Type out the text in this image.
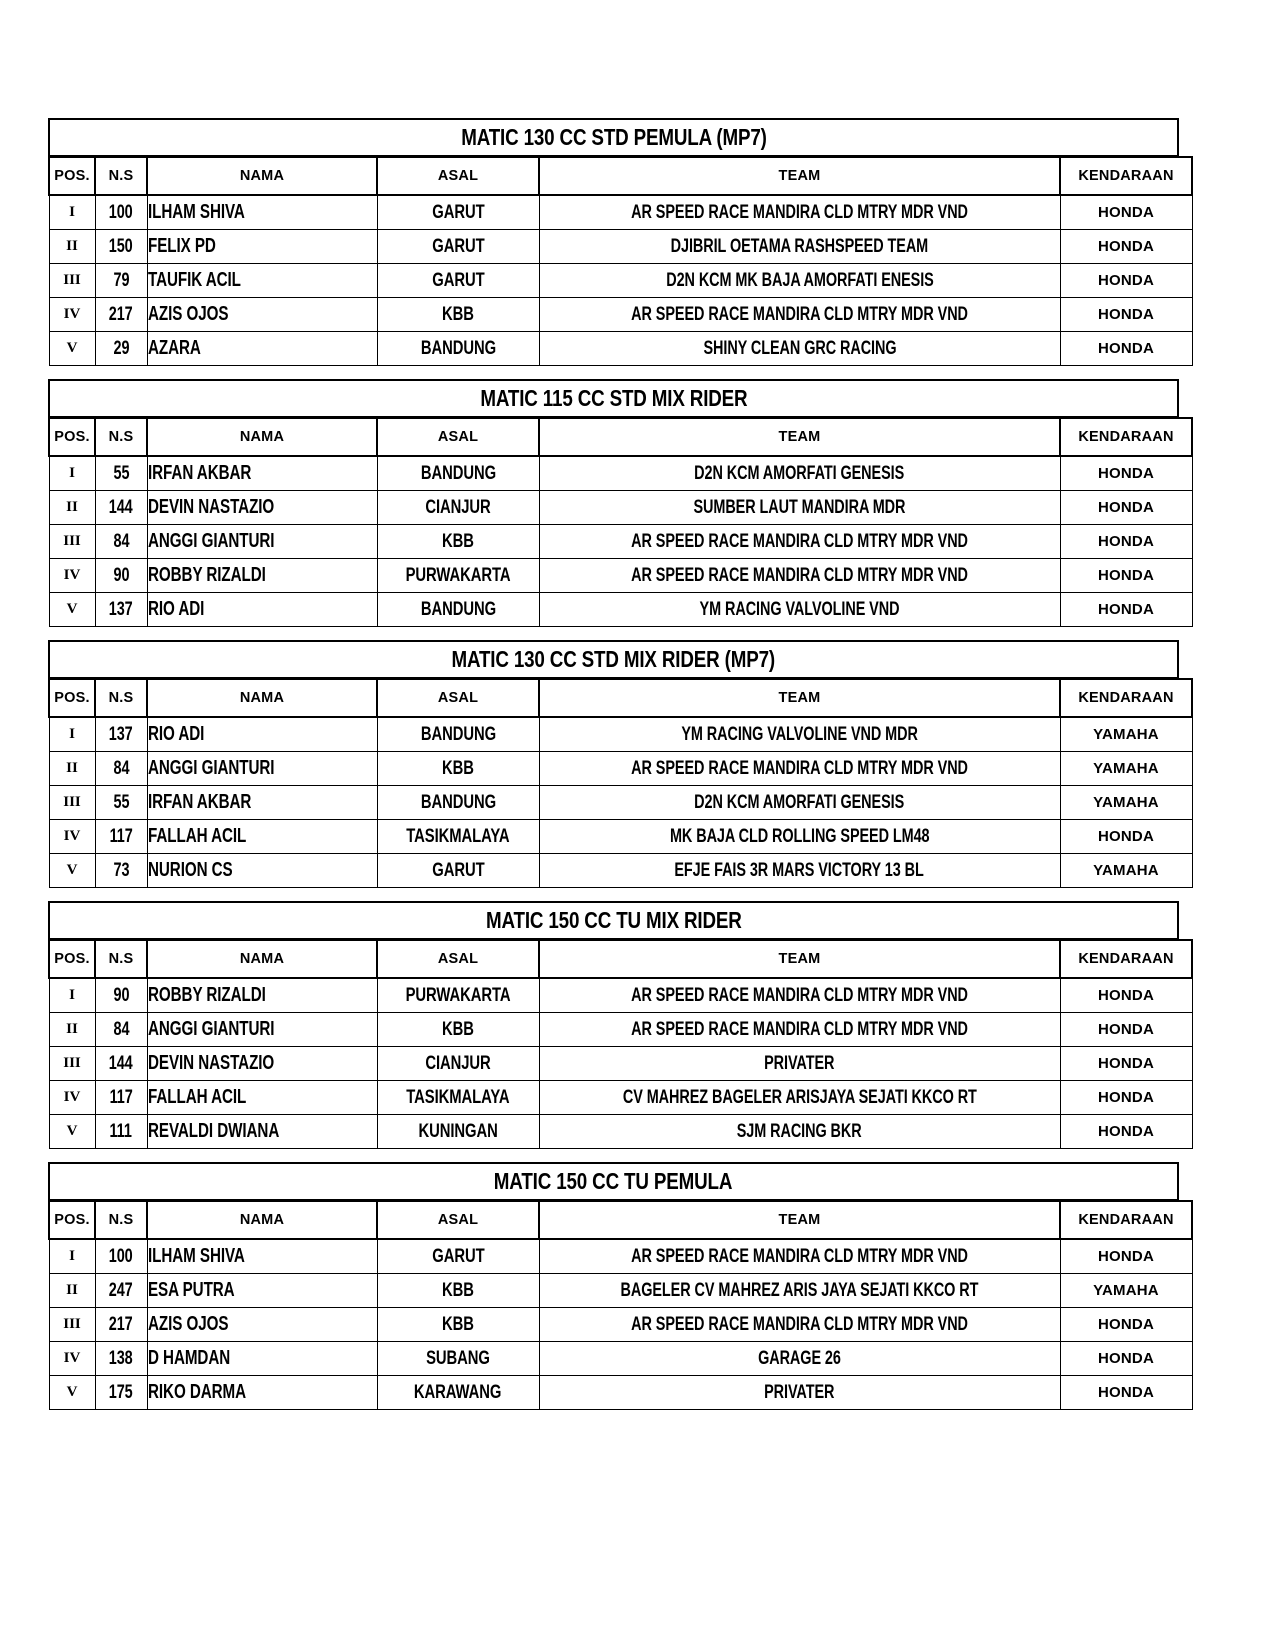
MATIC 130 CC STD PEMULA (MP7)
POS.	N.S	NAMA	ASAL	TEAM	KENDARAAN
I	100	ILHAM SHIVA	GARUT	AR SPEED RACE MANDIRA CLD MTRY MDR VND	HONDA
II	150	FELIX PD	GARUT	DJIBRIL OETAMA RASHSPEED TEAM	HONDA
III	79	TAUFIK ACIL	GARUT	D2N KCM MK BAJA AMORFATI ENESIS	HONDA
IV	217	AZIS OJOS	KBB	AR SPEED RACE MANDIRA CLD MTRY MDR VND	HONDA
V	29	AZARA	BANDUNG	SHINY CLEAN GRC RACING	HONDA
MATIC 115 CC STD MIX RIDER
POS.	N.S	NAMA	ASAL	TEAM	KENDARAAN
I	55	IRFAN AKBAR	BANDUNG	D2N KCM AMORFATI GENESIS	HONDA
II	144	DEVIN NASTAZIO	CIANJUR	SUMBER LAUT MANDIRA MDR	HONDA
III	84	ANGGI GIANTURI	KBB	AR SPEED RACE MANDIRA CLD MTRY MDR VND	HONDA
IV	90	ROBBY RIZALDI	PURWAKARTA	AR SPEED RACE MANDIRA CLD MTRY MDR VND	HONDA
V	137	RIO ADI	BANDUNG	YM RACING VALVOLINE VND	HONDA
MATIC 130 CC STD MIX RIDER (MP7)
POS.	N.S	NAMA	ASAL	TEAM	KENDARAAN
I	137	RIO ADI	BANDUNG	YM RACING VALVOLINE VND MDR	YAMAHA
II	84	ANGGI GIANTURI	KBB	AR SPEED RACE MANDIRA CLD MTRY MDR VND	YAMAHA
III	55	IRFAN AKBAR	BANDUNG	D2N KCM AMORFATI GENESIS	YAMAHA
IV	117	FALLAH ACIL	TASIKMALAYA	MK BAJA CLD ROLLING SPEED LM48	HONDA
V	73	NURION CS	GARUT	EFJE FAIS 3R MARS VICTORY 13 BL	YAMAHA
MATIC 150 CC TU MIX RIDER
POS.	N.S	NAMA	ASAL	TEAM	KENDARAAN
I	90	ROBBY RIZALDI	PURWAKARTA	AR SPEED RACE MANDIRA CLD MTRY MDR VND	HONDA
II	84	ANGGI GIANTURI	KBB	AR SPEED RACE MANDIRA CLD MTRY MDR VND	HONDA
III	144	DEVIN NASTAZIO	CIANJUR	PRIVATER	HONDA
IV	117	FALLAH ACIL	TASIKMALAYA	CV MAHREZ BAGELER ARISJAYA SEJATI KKCO RT	HONDA
V	111	REVALDI DWIANA	KUNINGAN	SJM RACING BKR	HONDA
MATIC 150 CC TU PEMULA
POS.	N.S	NAMA	ASAL	TEAM	KENDARAAN
I	100	ILHAM SHIVA	GARUT	AR SPEED RACE MANDIRA CLD MTRY MDR VND	HONDA
II	247	ESA PUTRA	KBB	BAGELER CV MAHREZ ARIS JAYA SEJATI KKCO RT	YAMAHA
III	217	AZIS OJOS	KBB	AR SPEED RACE MANDIRA CLD MTRY MDR VND	HONDA
IV	138	D HAMDAN	SUBANG	GARAGE 26	HONDA
V	175	RIKO DARMA	KARAWANG	PRIVATER	HONDA
